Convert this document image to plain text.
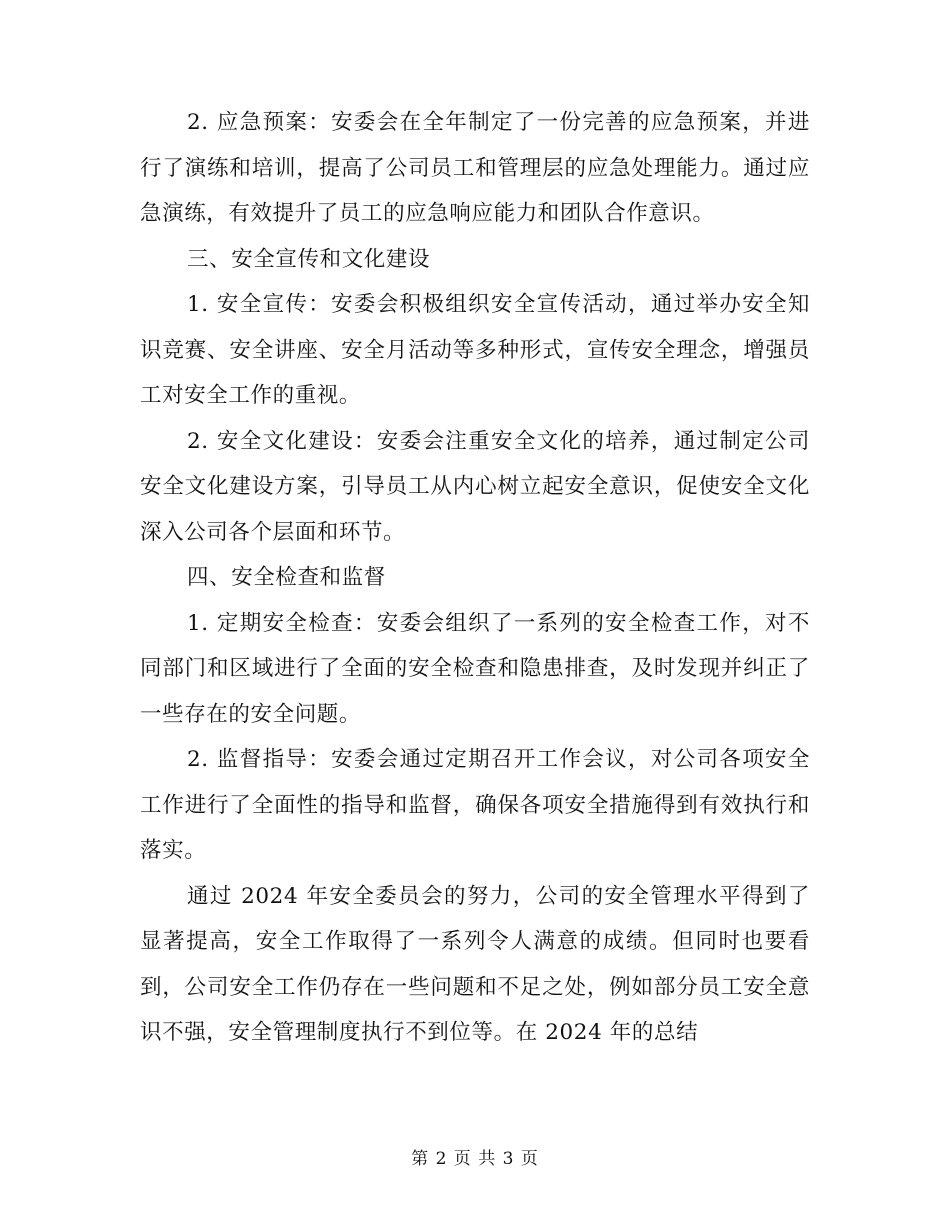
2. 应急预案：安委会在全年制定了一份完善的应急预案，并进行了演练和培训，提高了公司员工和管理层的应急处理能力。通过应急演练，有效提升了员工的应急响应能力和团队合作意识。

三、安全宣传和文化建设

1. 安全宣传：安委会积极组织安全宣传活动，通过举办安全知识竞赛、安全讲座、安全月活动等多种形式，宣传安全理念，增强员工对安全工作的重视。

2. 安全文化建设：安委会注重安全文化的培养，通过制定公司安全文化建设方案，引导员工从内心树立起安全意识，促使安全文化深入公司各个层面和环节。

四、安全检查和监督

1. 定期安全检查：安委会组织了一系列的安全检查工作，对不同部门和区域进行了全面的安全检查和隐患排查，及时发现并纠正了一些存在的安全问题。

2. 监督指导：安委会通过定期召开工作会议，对公司各项安全工作进行了全面性的指导和监督，确保各项安全措施得到有效执行和落实。

通过 2024 年安全委员会的努力，公司的安全管理水平得到了显著提高，安全工作取得了一系列令人满意的成绩。但同时也要看到，公司安全工作仍存在一些问题和不足之处，例如部分员工安全意识不强，安全管理制度执行不到位等。在 2024 年的总结

第 2 页 共 3 页
